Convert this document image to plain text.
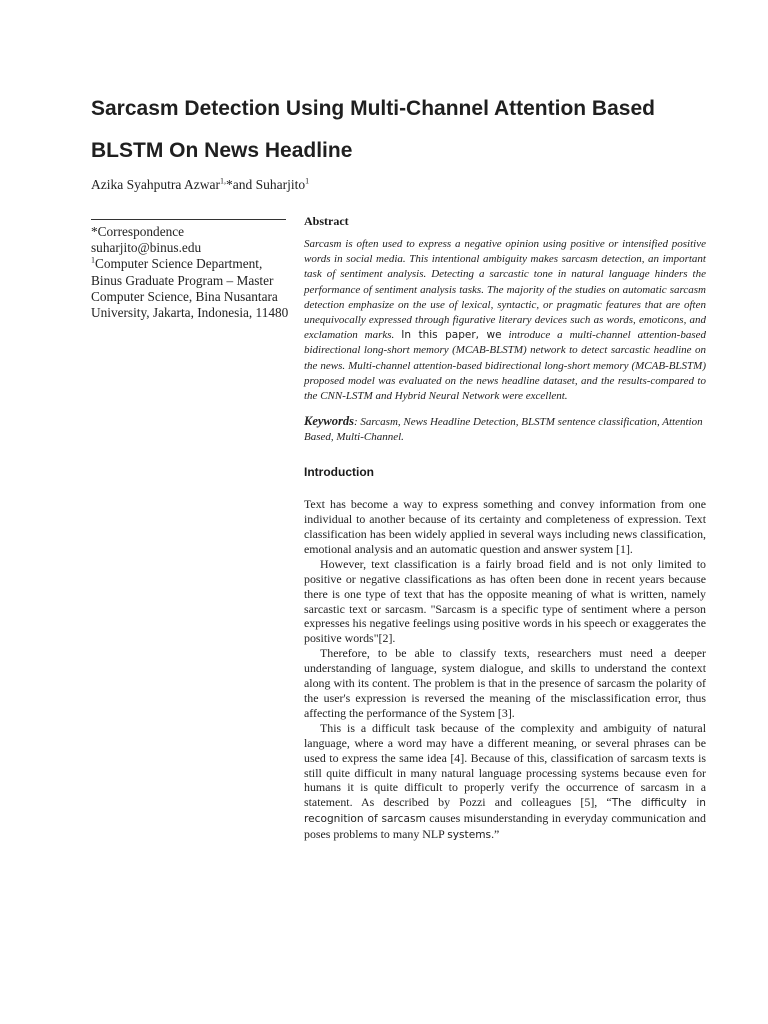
Sarcasm Detection Using Multi-Channel Attention Based BLSTM On News Headline
Azika Syahputra Azwar$^{1,}$*and Suharjito$^1$
*Correspondence
suharjito@binus.edu
$^1$Computer Science Department, Binus Graduate Program – Master Computer Science, Bina Nusantara University, Jakarta, Indonesia, 11480
Abstract

Sarcasm is often used to express a negative opinion using positive or intensified positive words in social media. This intentional ambiguity makes sarcasm detection, an important task of sentiment analysis. Detecting a sarcastic tone in natural language hinders the performance of sentiment analysis tasks. The majority of the studies on automatic sarcasm detection emphasize on the use of lexical, syntactic, or pragmatic features that are often unequivocally expressed through figurative literary devices such as words, emoticons, and exclamation marks. In this paper, we introduce a multi-channel attention-based bidirectional long-short memory (MCAB-BLSTM) network to detect sarcastic headline on the news. Multi-channel attention-based bidirectional long-short memory (MCAB-BLSTM) proposed model was evaluated on the news headline dataset, and the results-compared to the CNN-LSTM and Hybrid Neural Network were excellent.

Keywords: Sarcasm, News Headline Detection, BLSTM sentence classification, Attention Based, Multi-Channel.

Introduction

Text has become a way to express something and convey information from one individual to another because of its certainty and completeness of expression. Text classification has been widely applied in several ways including news classification, emotional analysis and an automatic question and answer system [1].

However, text classification is a fairly broad field and is not only limited to positive or negative classifications as has often been done in recent years because there is one type of text that has the opposite meaning of what is written, namely sarcastic text or sarcasm. "Sarcasm is a specific type of sentiment where a person expresses his negative feelings using positive words in his speech or exaggerates the positive words"[2].

Therefore, to be able to classify texts, researchers must need a deeper understanding of language, system dialogue, and skills to understand the context along with its content. The problem is that in the presence of sarcasm the polarity of the user's expression is reversed the meaning of the misclassification error, thus affecting the performance of the System [3].

This is a difficult task because of the complexity and ambiguity of natural language, where a word may have a different meaning, or several phrases can be used to express the same idea [4]. Because of this, classification of sarcasm texts is still quite difficult in many natural language processing systems because even for humans it is quite difficult to properly verify the occurrence of sarcasm in a statement. As described by Pozzi and colleagues [5], “The difficulty in recognition of sarcasm causes misunderstanding in everyday communication and poses problems to many NLP systems.”
